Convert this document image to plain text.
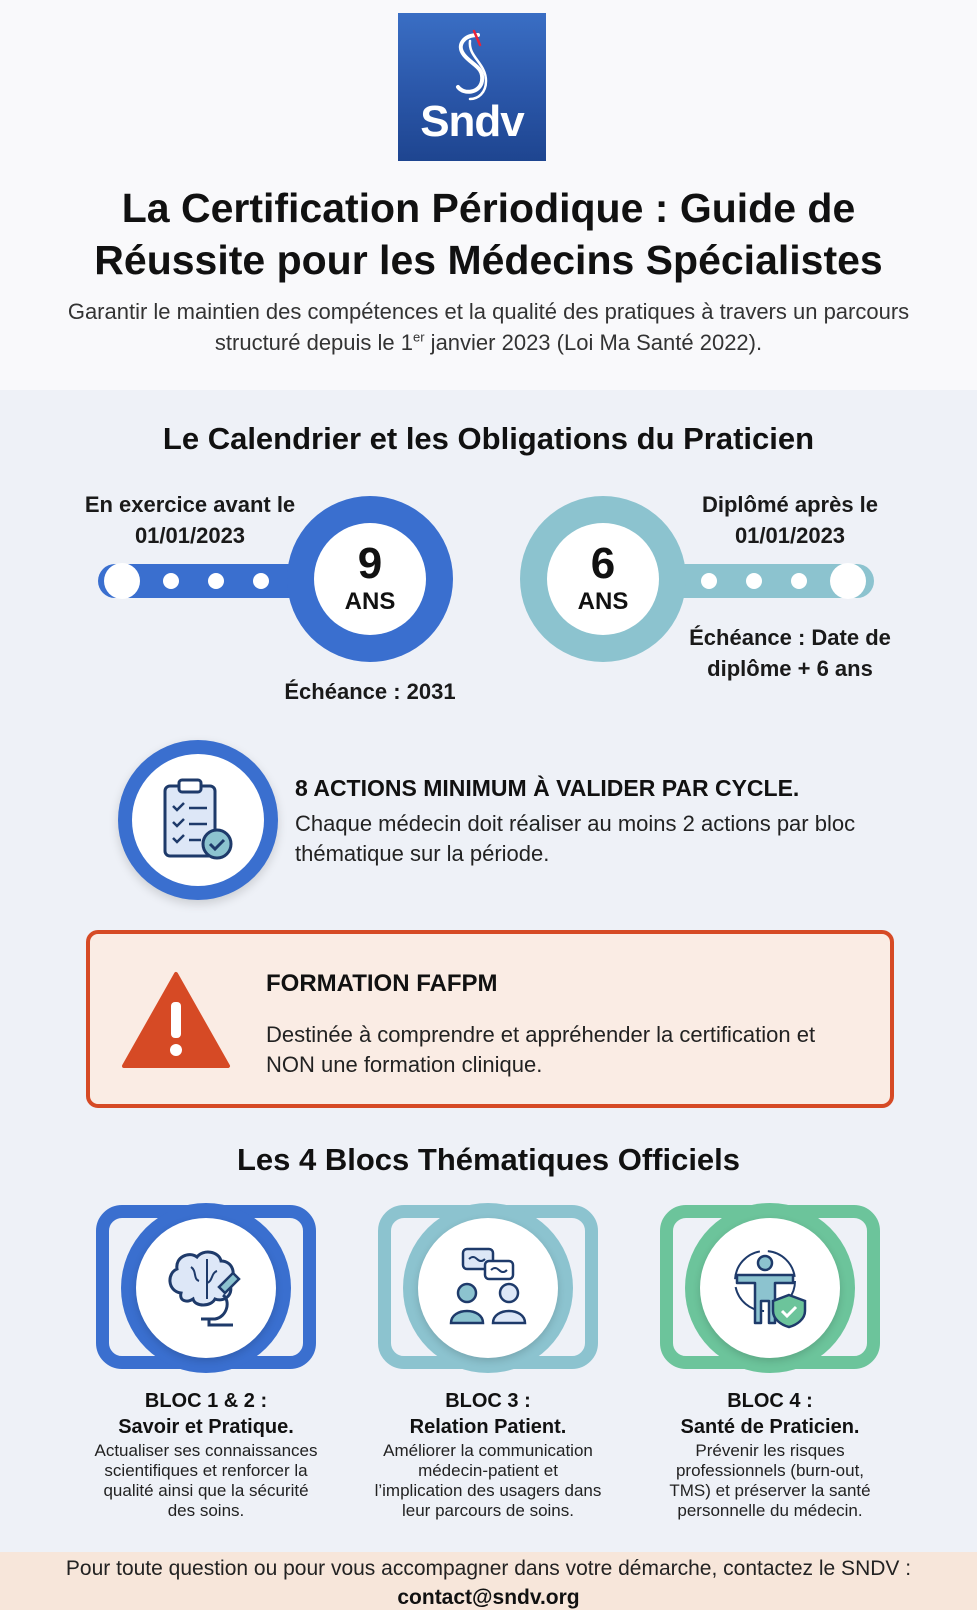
Sndv
La Certification Périodique : Guide de Réussite pour les Médecins Spécialistes
Garantir le maintien des compétences et la qualité des pratiques à travers un parcours structuré depuis le 1er janvier 2023 (Loi Ma Santé 2022).
Le Calendrier et les Obligations du Praticien
En exercice avant le 01/01/2023
9
ANS
Échéance : 2031
Diplômé après le 01/01/2023
6
ANS
Échéance : Date de diplôme + 6 ans
8 ACTIONS MINIMUM À VALIDER PAR CYCLE.
Chaque médecin doit réaliser au moins 2 actions par bloc thématique sur la période.
FORMATION FAFPM
Destinée à comprendre et appréhender la certification et NON une formation clinique.
Les 4 Blocs Thématiques Officiels
BLOC 1 & 2 :
Savoir et Pratique.
Actualiser ses connaissances scientifiques et renforcer la qualité ainsi que la sécurité des soins.
BLOC 3 :
Relation Patient.
Améliorer la communication médecin-patient et l’implication des usagers dans leur parcours de soins.
BLOC 4 :
Santé de Praticien.
Prévenir les risques professionnels (burn-out, TMS) et préserver la santé personnelle du médecin.
Pour toute question ou pour vous accompagner dans votre démarche, contactez le SNDV : contact@sndv.org
